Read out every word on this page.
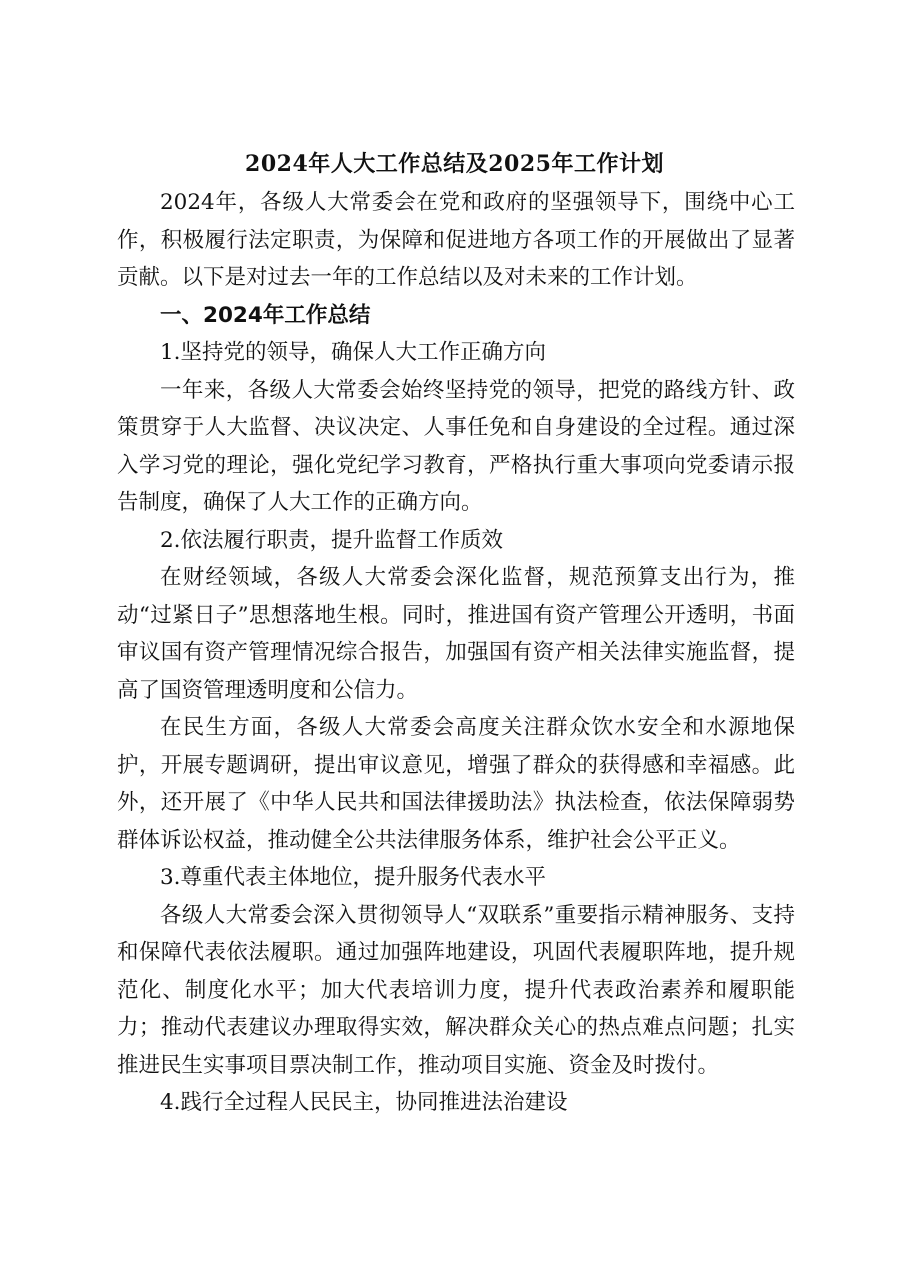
2024年人大工作总结及2025年工作计划

2024年，各级人大常委会在党和政府的坚强领导下，围绕中心工作，积极履行法定职责，为保障和促进地方各项工作的开展做出了显著贡献。以下是对过去一年的工作总结以及对未来的工作计划。

一、2024年工作总结

1.坚持党的领导，确保人大工作正确方向

一年来，各级人大常委会始终坚持党的领导，把党的路线方针、政策贯穿于人大监督、决议决定、人事任免和自身建设的全过程。通过深入学习党的理论，强化党纪学习教育，严格执行重大事项向党委请示报告制度，确保了人大工作的正确方向。

2.依法履行职责，提升监督工作质效

在财经领域，各级人大常委会深化监督，规范预算支出行为，推动“过紧日子”思想落地生根。同时，推进国有资产管理公开透明，书面审议国有资产管理情况综合报告，加强国有资产相关法律实施监督，提高了国资管理透明度和公信力。

在民生方面，各级人大常委会高度关注群众饮水安全和水源地保护，开展专题调研，提出审议意见，增强了群众的获得感和幸福感。此外，还开展了《中华人民共和国法律援助法》执法检查，依法保障弱势群体诉讼权益，推动健全公共法律服务体系，维护社会公平正义。

3.尊重代表主体地位，提升服务代表水平

各级人大常委会深入贯彻领导人“双联系”重要指示精神服务、支持和保障代表依法履职。通过加强阵地建设，巩固代表履职阵地，提升规范化、制度化水平；加大代表培训力度，提升代表政治素养和履职能力；推动代表建议办理取得实效，解决群众关心的热点难点问题；扎实推进民生实事项目票决制工作，推动项目实施、资金及时拨付。

4.践行全过程人民民主，协同推进法治建设
